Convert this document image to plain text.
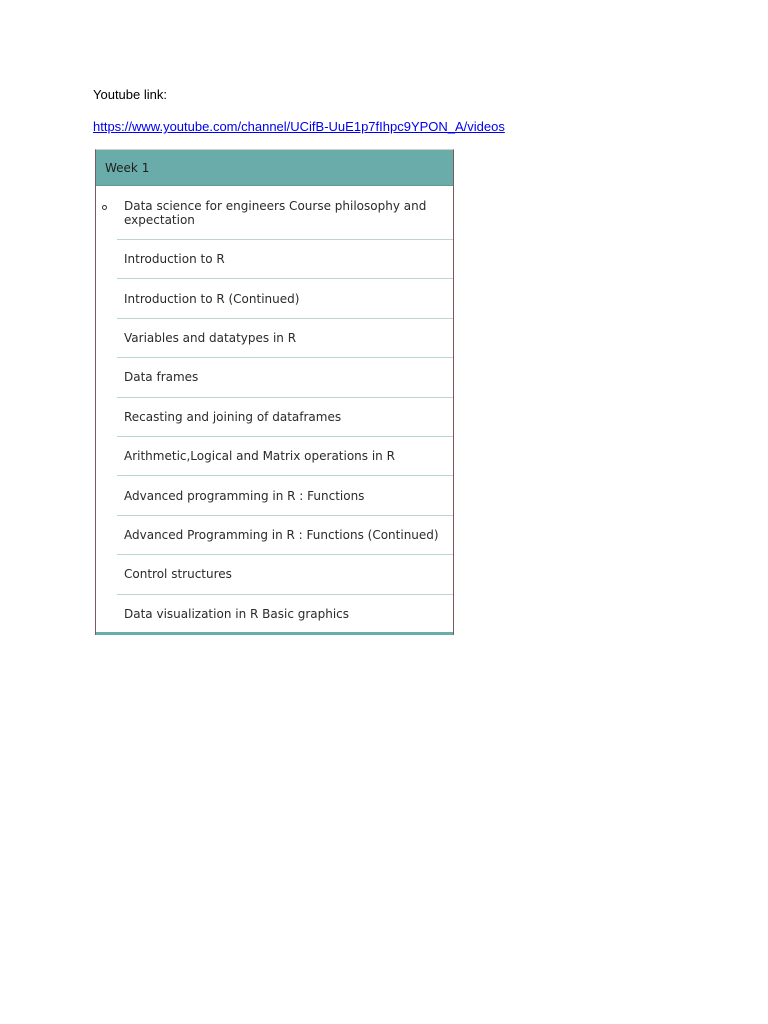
Youtube link:
https://www.youtube.com/channel/UCifB-UuE1p7fIhpc9YPON_A/videos
Week 1
Data science for engineers Course philosophy and expectation
Introduction to R
Introduction to R (Continued)
Variables and datatypes in R
Data frames
Recasting and joining of dataframes
Arithmetic,Logical and Matrix operations in R
Advanced programming in R : Functions
Advanced Programming in R : Functions (Continued)
Control structures
Data visualization in R Basic graphics
